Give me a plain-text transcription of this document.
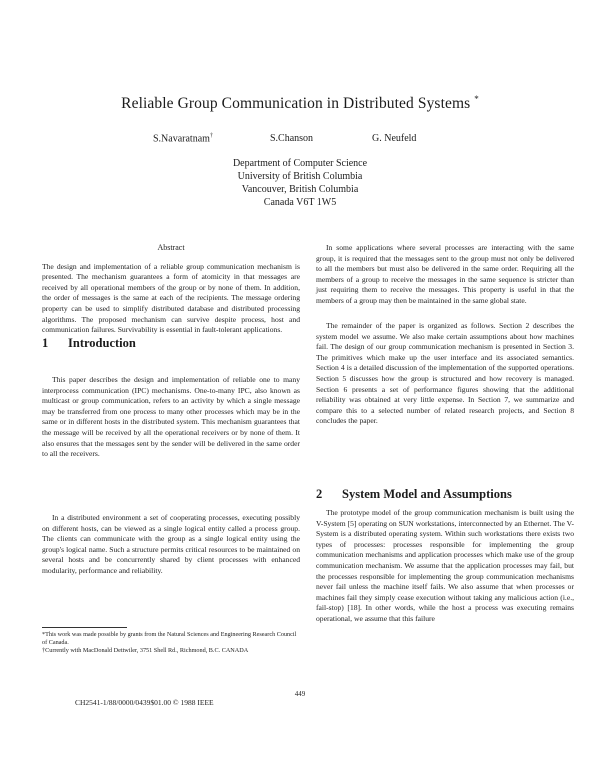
Reliable Group Communication in Distributed Systems *
S.Navaratnam†	S.Chanson	G. Neufeld
Department of Computer Science
University of British Columbia
Vancouver, British Columbia
Canada V6T 1W5
Abstract

The design and implementation of a reliable group communication mechanism is presented. The mechanism guarantees a form of atomicity in that messages are received by all operational members of the group or by none of them. In addition, the order of messages is the same at each of the recipients. The message ordering property can be used to simplify distributed database and distributed processing algorithms. The proposed mechanism can survive despite process, host and communication failures. Survivability is essential in fault-tolerant applications.

1 Introduction

This paper describes the design and implementation of reliable one to many interprocess communication (IPC) mechanisms. One-to-many IPC, also known as multicast or group communication, refers to an activity by which a single message may be transferred from one process to many other processes which may be in the same or in different hosts in the distributed system. This mechanism guarantees that the message will be received by all the operational receivers or by none of them. It also ensures that the messages sent by the sender will be delivered in the same order to all the receivers.

In a distributed environment a set of cooperating processes, executing possibly on different hosts, can be viewed as a single logical entity called a process group. The clients can communicate with the group as a single logical entity using the group's logical name. Such a structure permits critical resources to be maintained on several hosts and be concurrently shared by client processes with enhanced modularity, performance and reliability.

*This work was made possible by grants from the Natural Sciences and Engineering Research Council of Canada.

†Currently with MacDonald Dettwiler, 3751 Shell Rd., Richmond, B.C. CANADA

In some applications where several processes are interacting with the same group, it is required that the messages sent to the group must not only be delivered to all the members but must also be delivered in the same order. Requiring all the members of a group to receive the messages in the same sequence is stricter than just requiring them to receive the messages. This property is useful in that the members of a group may then be maintained in the same global state.

The remainder of the paper is organized as follows. Section 2 describes the system model we assume. We also make certain assumptions about how machines fail. The design of our group communication mechanism is presented in Section 3. The primitives which make up the user interface and its associated semantics. Section 4 is a detailed discussion of the implementation of the supported operations. Section 5 discusses how the group is structured and how recovery is managed. Section 6 presents a set of performance figures showing that the additional reliability was obtained at very little expense. In Section 7, we summarize and compare this to a selected number of related research projects, and Section 8 concludes the paper.

2 System Model and Assumptions

The prototype model of the group communication mechanism is built using the V-System [5] operating on SUN workstations, interconnected by an Ethernet. The V-System is a distributed operating system. Within such workstations there exists two types of processes: processes responsible for implementing the group communication mechanisms and application processes which make use of the group communication mechanism. We assume that the application processes may fail, but the processes responsible for implementing the group communication mechanisms never fail unless the machine itself fails. We also assume that when processes or machines fail they simply cease execution without taking any malicious action (i.e., fail-stop) [18]. In other words, while the host a process was executing remains operational, we assume that this failure

449
CH2541-1/88/0000/0439$01.00 © 1988 IEEE
